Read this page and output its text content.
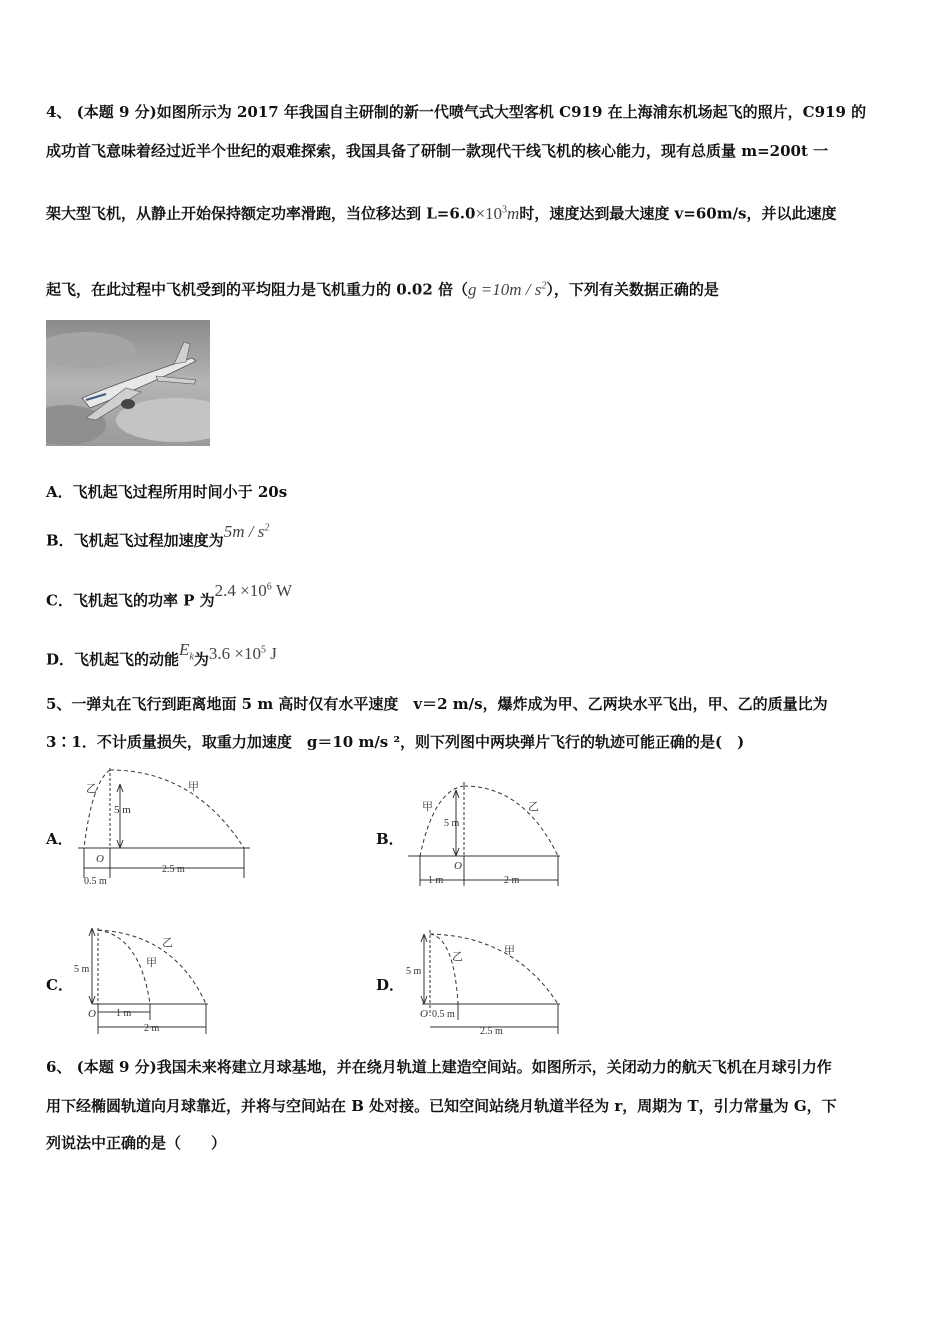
4、 (本题 9 分)如图所示为 2017 年我国自主研制的新一代喷气式大型客机 C919 在上海浦东机场起飞的照片，C919 的
成功首飞意味着经过近半个世纪的艰难探索，我国具备了研制一款现代干线飞机的核心能力，现有总质量 m=200t 一
架大型飞机，从静止开始保持额定功率滑跑，当位移达到 $L=6.0\times 10^3m$时，速度达到最大速度 v=60m/s，并以此速度
起飞，在此过程中飞机受到的平均阻力是飞机重力的 0.02 倍$(g =10m / s^2)$，下列有关数据正确的是
A．飞机起飞过程所用时间小于 20s
B．飞机起飞过程加速度为$5m / s^2$
C．飞机起飞的功率 P 为$2.4 \times 10^6$ W
D．飞机起飞的动能$E_k$为$3.6 \times 10^5$ J
5、一弹丸在飞行到距离地面 5 m 高时仅有水平速度　v＝2 m/s，爆炸成为甲、乙两块水平飞出，甲、乙的质量比为
3∶1．不计质量损失，取重力加速度　g＝10 m/s ²，则下列图中两块弹片飞行的轨迹可能正确的是(　)
A．	B．
C．	D．
乙	甲
5 m
O
0.5 m
2.5 m
甲	乙
5 m
O
1 m	2 m
乙
甲
5 m
O 1 m
2 m
乙	甲
5 m
O 0.5 m
2.5 m
6、 (本题 9 分)我国未来将建立月球基地，并在绕月轨道上建造空间站。如图所示，关闭动力的航天飞机在月球引力作
用下经椭圆轨道向月球靠近，并将与空间站在 B 处对接。已知空间站绕月轨道半径为 r，周期为 T，引力常量为 G，下
列说法中正确的是（　　）
